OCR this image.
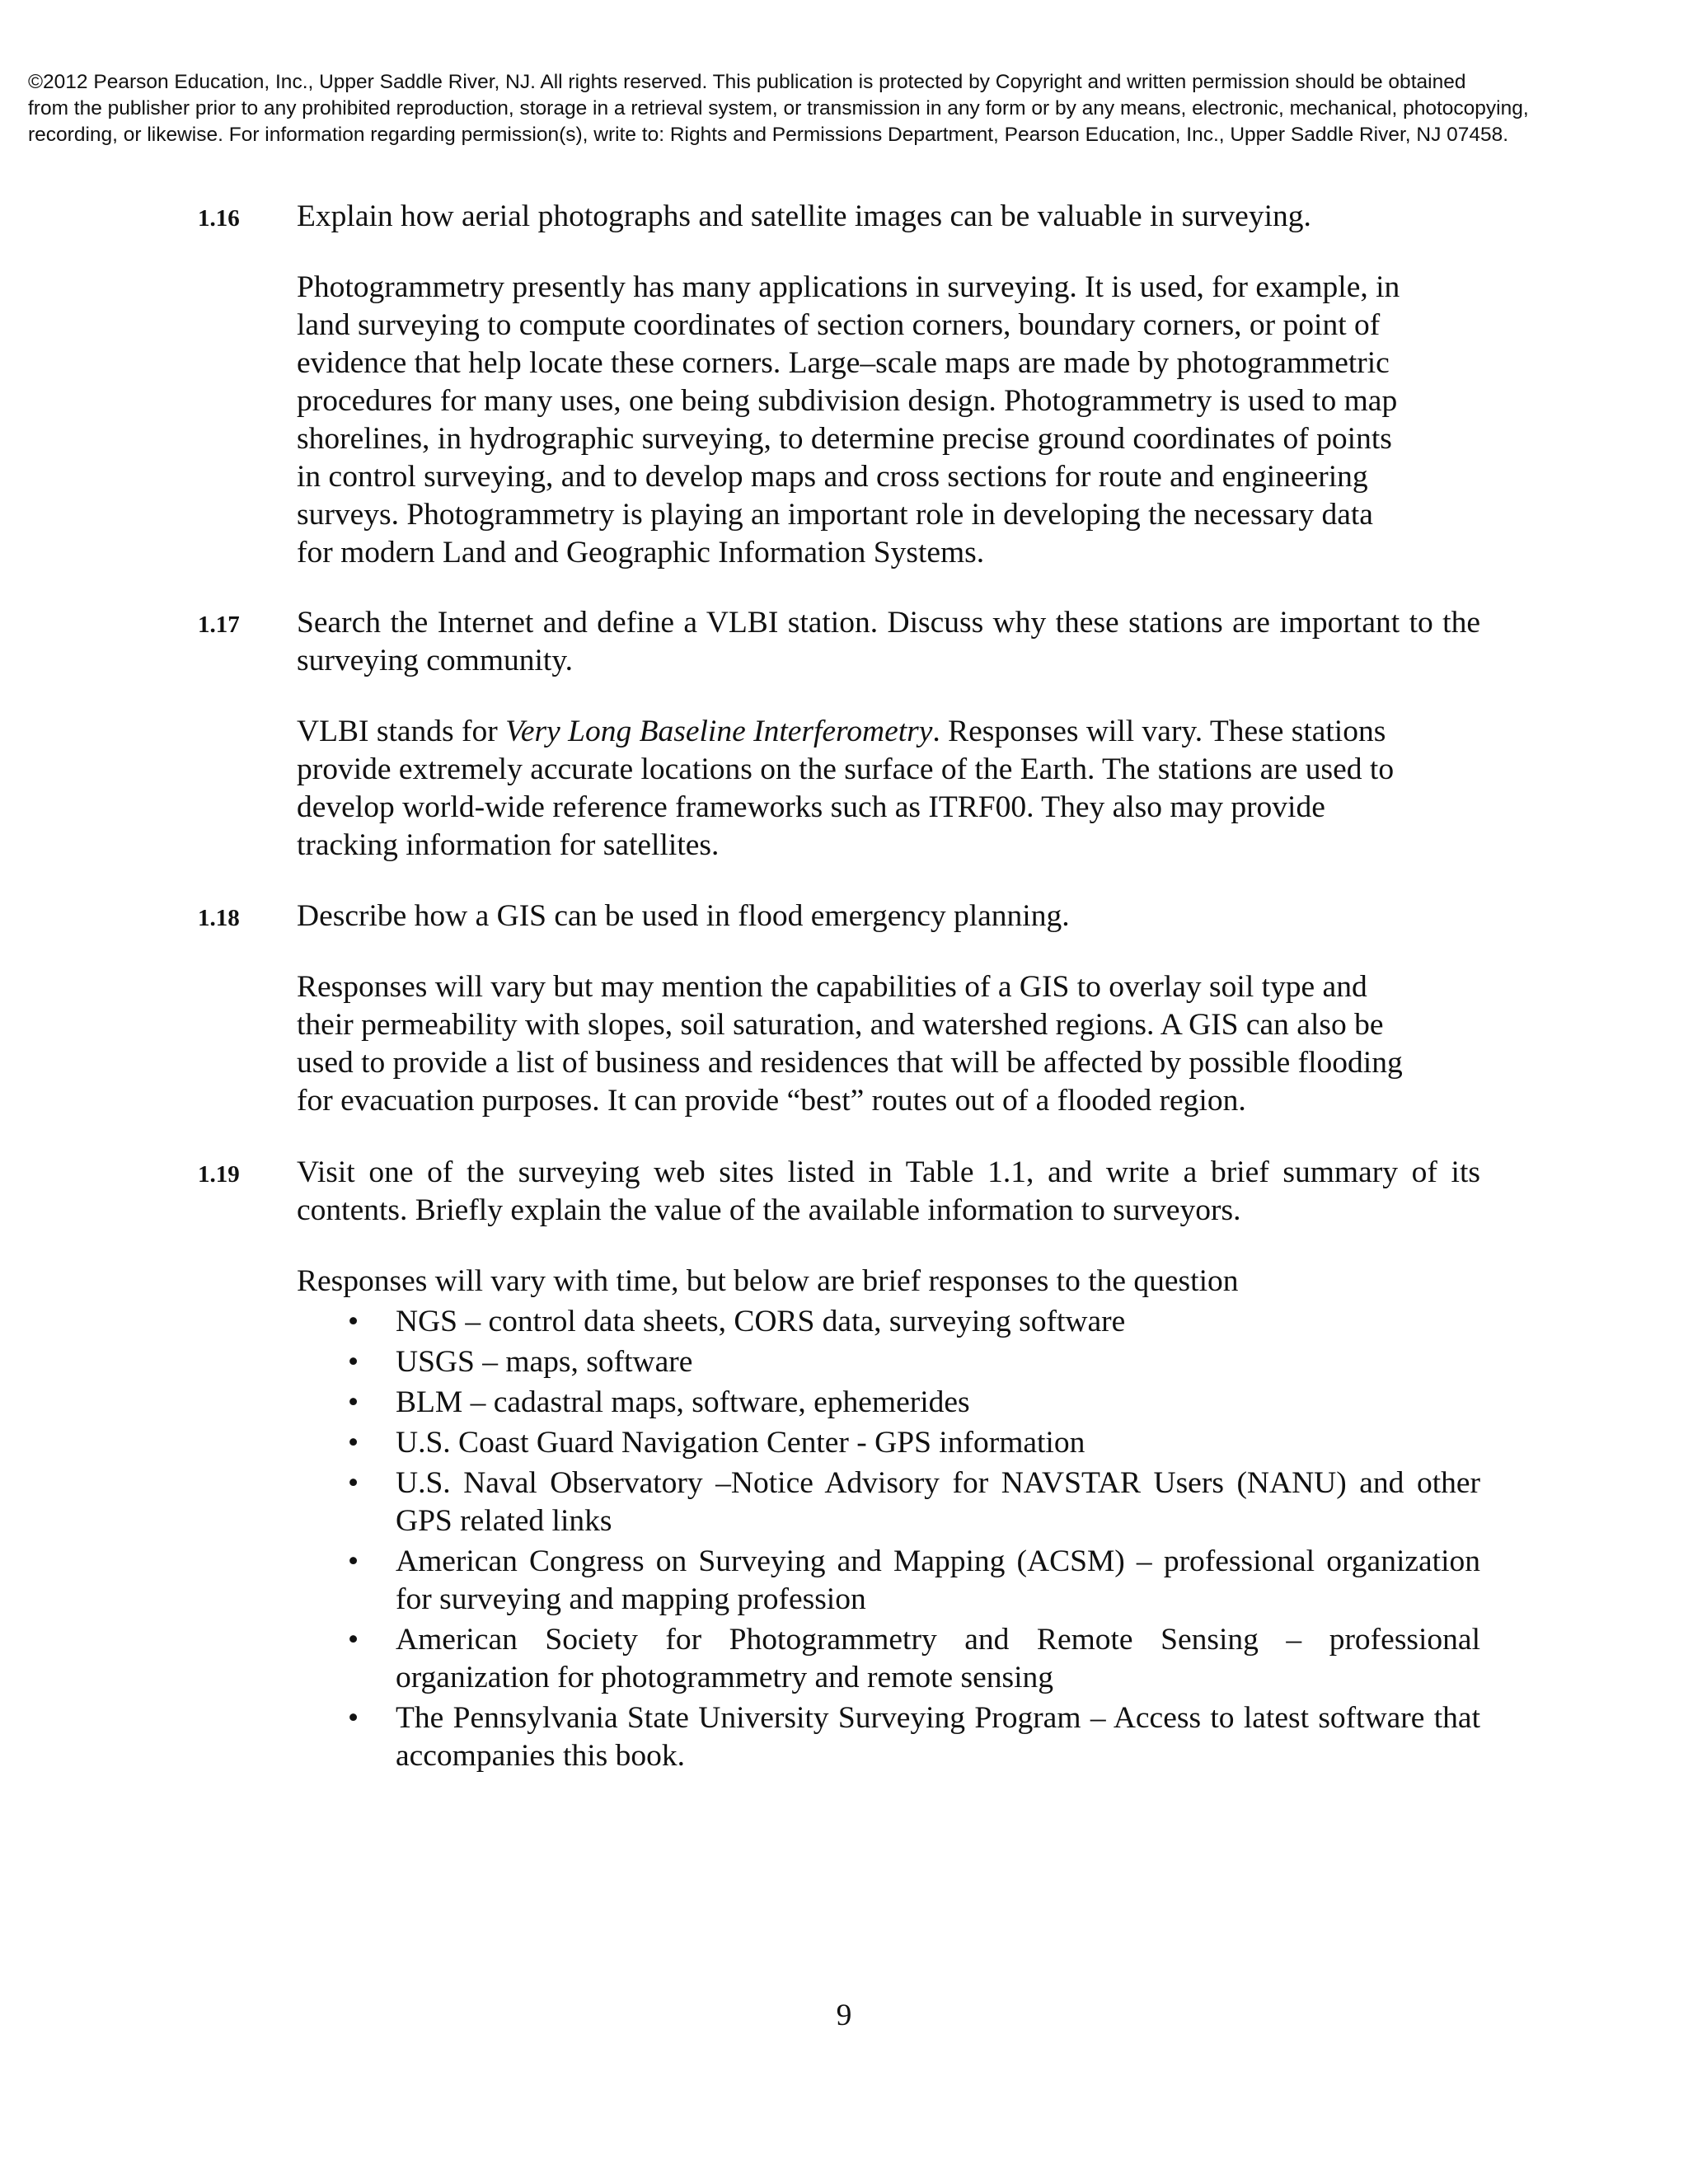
©2012 Pearson Education, Inc., Upper Saddle River, NJ. All rights reserved. This publication is protected by Copyright and written permission should be obtained
from the publisher prior to any prohibited reproduction, storage in a retrieval system, or transmission in any form or by any means, electronic, mechanical, photocopying,
recording, or likewise. For information regarding permission(s), write to: Rights and Permissions Department, Pearson Education, Inc., Upper Saddle River, NJ 07458.
1.16 Explain how aerial photographs and satellite images can be valuable in surveying.
Photogrammetry presently has many applications in surveying. It is used, for example, in
land surveying to compute coordinates of section corners, boundary corners, or point of
evidence that help locate these corners. Large–scale maps are made by photogrammetric
procedures for many uses, one being subdivision design. Photogrammetry is used to map
shorelines, in hydrographic surveying, to determine precise ground coordinates of points
in control surveying, and to develop maps and cross sections for route and engineering
surveys. Photogrammetry is playing an important role in developing the necessary data
for modern Land and Geographic Information Systems.
1.17 Search the Internet and define a VLBI station. Discuss why these stations are important to the surveying community.
VLBI stands for Very Long Baseline Interferometry. Responses will vary. These stations
provide extremely accurate locations on the surface of the Earth. The stations are used to
develop world-wide reference frameworks such as ITRF00. They also may provide
tracking information for satellites.
1.18 Describe how a GIS can be used in flood emergency planning.
Responses will vary but may mention the capabilities of a GIS to overlay soil type and
their permeability with slopes, soil saturation, and watershed regions. A GIS can also be
used to provide a list of business and residences that will be affected by possible flooding
for evacuation purposes. It can provide “best” routes out of a flooded region.
1.19 Visit one of the surveying web sites listed in Table 1.1, and write a brief summary of its contents. Briefly explain the value of the available information to surveyors.
Responses will vary with time, but below are brief responses to the question
• NGS – control data sheets, CORS data, surveying software
• USGS – maps, software
• BLM – cadastral maps, software, ephemerides
• U.S. Coast Guard Navigation Center - GPS information
• U.S. Naval Observatory –Notice Advisory for NAVSTAR Users (NANU) and other GPS related links
• American Congress on Surveying and Mapping (ACSM) – professional organization for surveying and mapping profession
• American Society for Photogrammetry and Remote Sensing – professional organization for photogrammetry and remote sensing
• The Pennsylvania State University Surveying Program – Access to latest software that accompanies this book.
9
